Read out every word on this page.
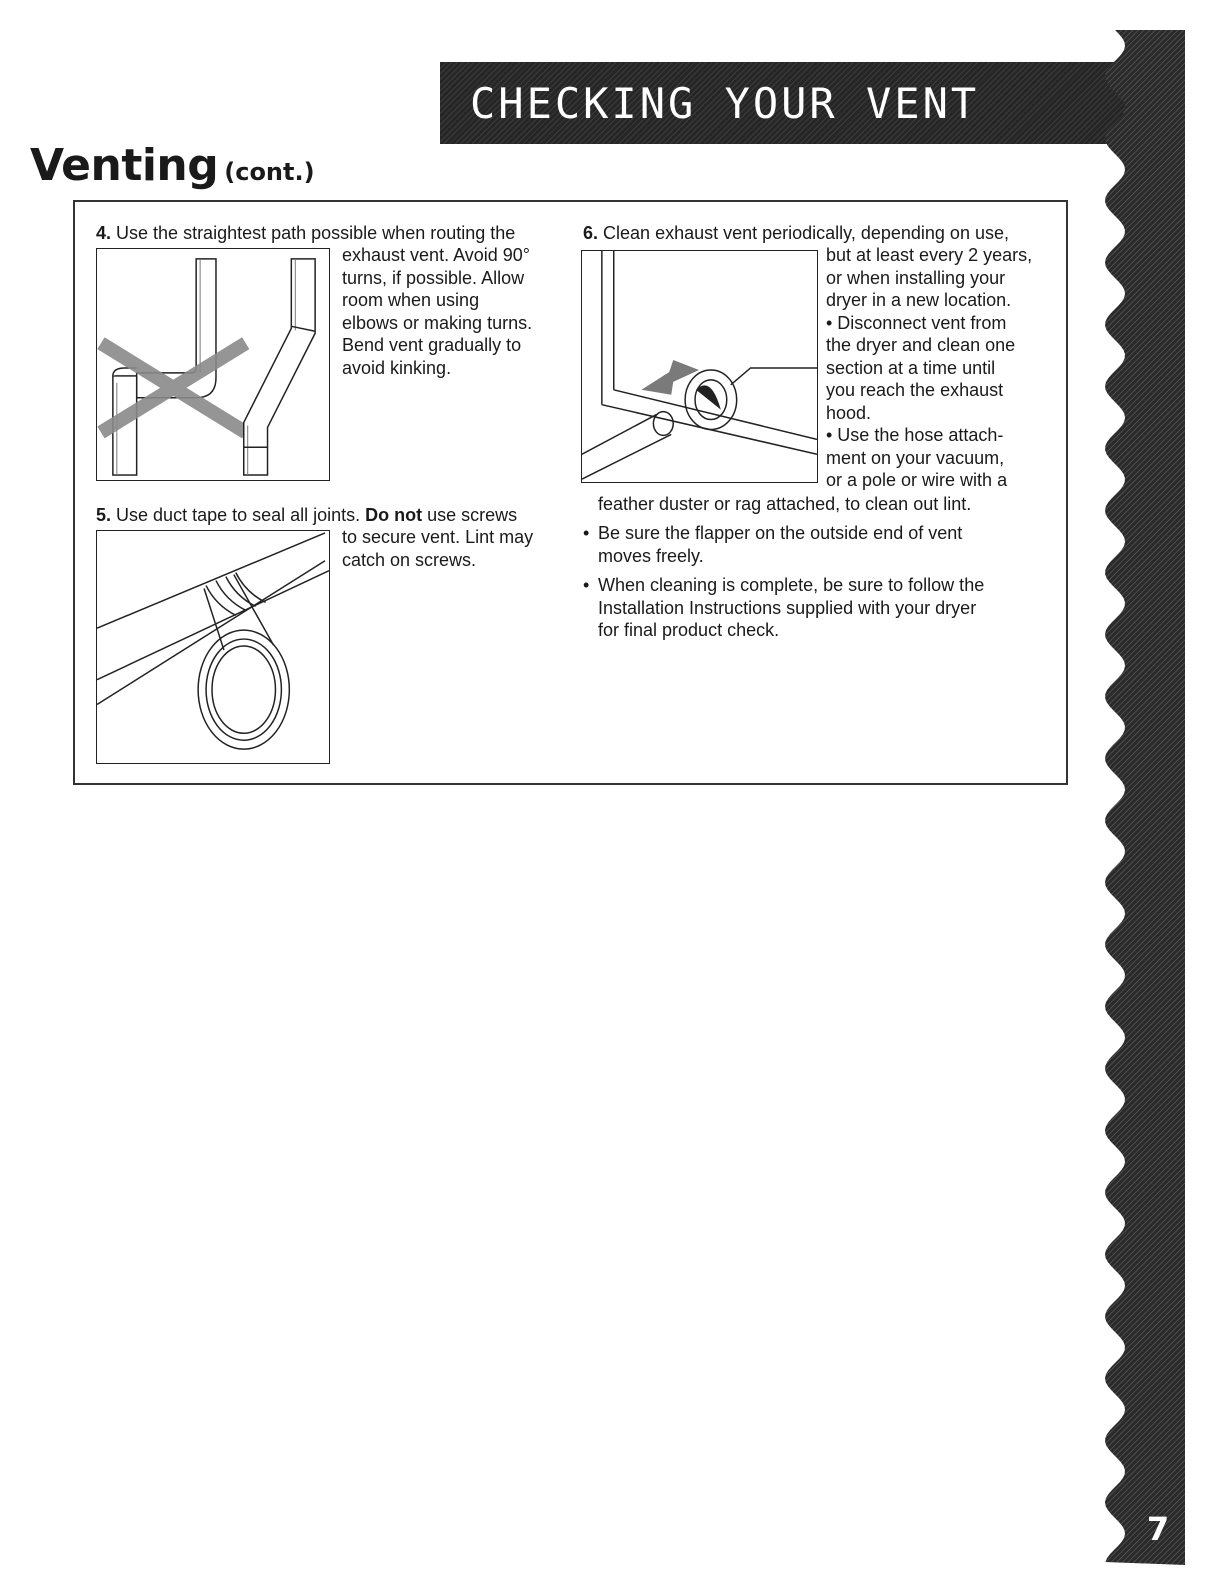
CHECKING YOUR VENT
7
Venting (cont.)
4. Use the straightest path possible when routing the
exhaust vent. Avoid 90°
turns, if possible. Allow
room when using
elbows or making turns.
Bend vent gradually to
avoid kinking.
5. Use duct tape to seal all joints. Do not use screws
to secure vent. Lint may
catch on screws.
6. Clean exhaust vent periodically, depending on use,
but at least every 2 years,
or when installing your
dryer in a new location.
• Disconnect vent from
the dryer and clean one
section at a time until
you reach the exhaust
hood.
• Use the hose attach-
ment on your vacuum,
or a pole or wire with a
feather duster or rag attached, to clean out lint.
• Be sure the flapper on the outside end of vent
moves freely.
• When cleaning is complete, be sure to follow the
Installation Instructions supplied with your dryer
for final product check.
